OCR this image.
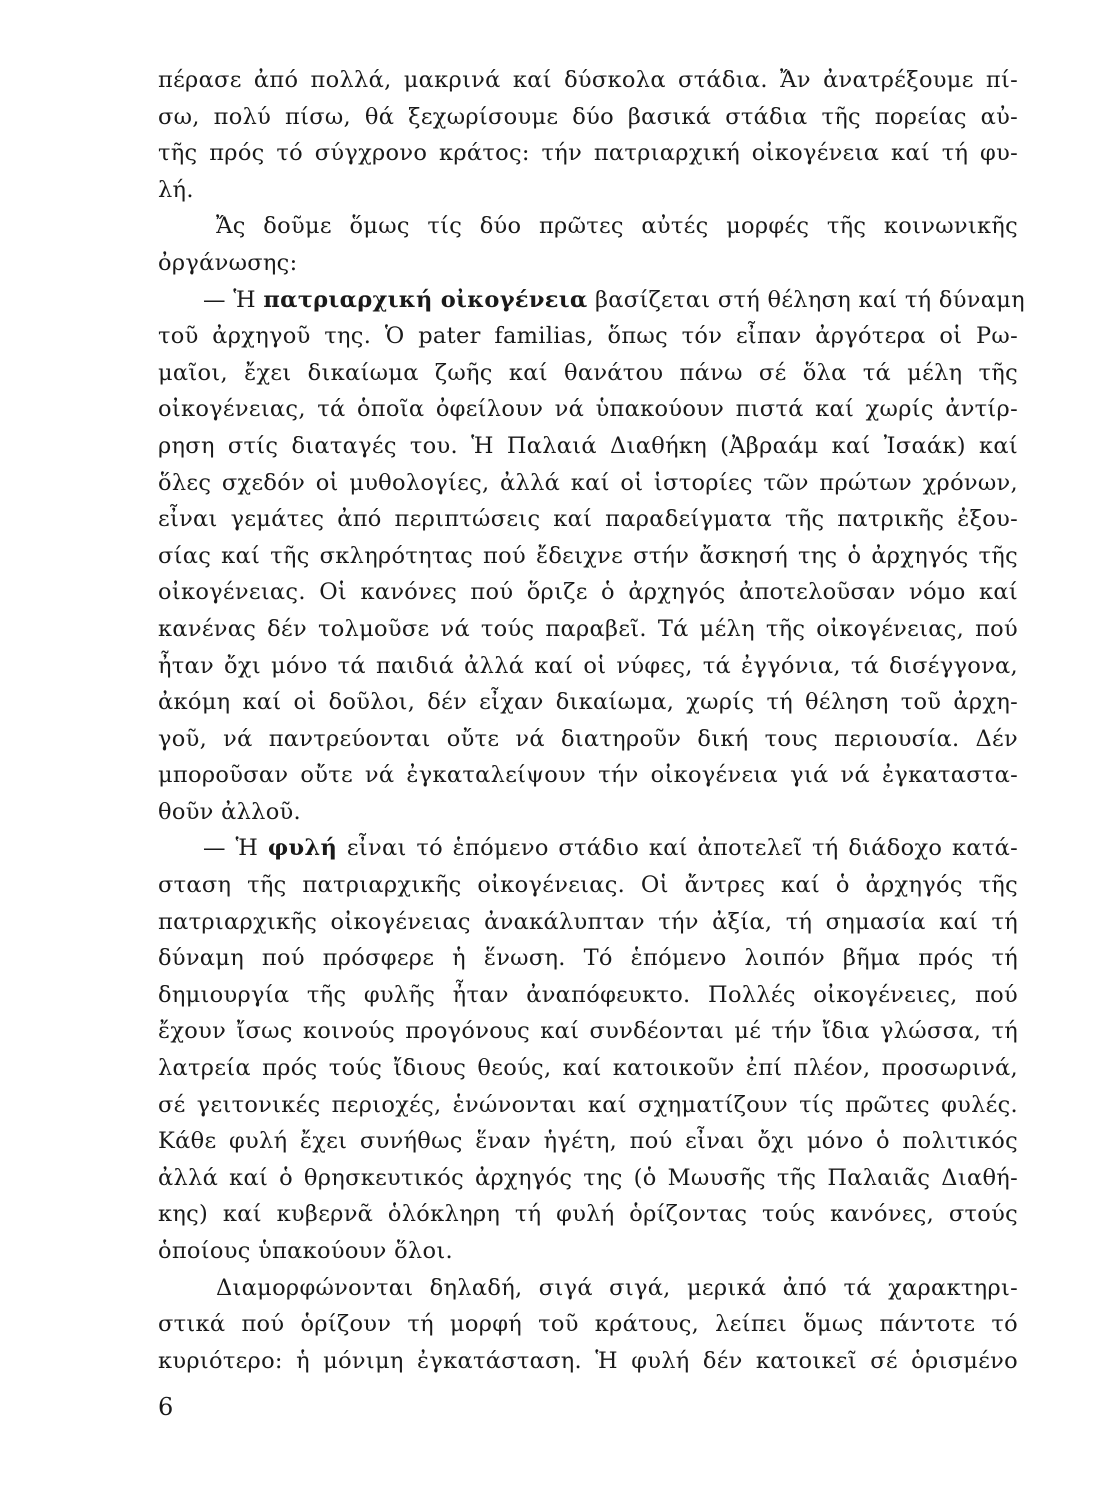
πέρασε ἀπό πολλά, μακρινά καί δύσκολα στάδια. Ἄν ἀνατρέξουμε πί-
σω, πολύ πίσω, θά ξεχωρίσουμε δύο βασικά στάδια τῆς πορείας αὐ-
τῆς πρός τό σύγχρονο κράτος: τήν πατριαρχική οἰκογένεια καί τή φυ-
λή.
Ἄς δοῦμε ὅμως τίς δύο πρῶτες αὐτές μορφές τῆς κοινωνικῆς
ὀργάνωσης:
— Ἡ πατριαρχική οἰκογένεια βασίζεται στή θέληση καί τή δύναμη
τοῦ ἀρχηγοῦ της. Ὁ pater familias, ὅπως τόν εἶπαν ἀργότερα οἱ Ρω-
μαῖοι, ἔχει δικαίωμα ζωῆς καί θανάτου πάνω σέ ὅλα τά μέλη τῆς
οἰκογένειας, τά ὁποῖα ὀφείλουν νά ὑπακούουν πιστά καί χωρίς ἀντίρ-
ρηση στίς διαταγές του. Ἡ Παλαιά Διαθήκη (Ἀβραάμ καί Ἰσαάκ) καί
ὅλες σχεδόν οἱ μυθολογίες, ἀλλά καί οἱ ἱστορίες τῶν πρώτων χρόνων,
εἶναι γεμάτες ἀπό περιπτώσεις καί παραδείγματα τῆς πατρικῆς ἐξου-
σίας καί τῆς σκληρότητας πού ἔδειχνε στήν ἄσκησή της ὁ ἀρχηγός τῆς
οἰκογένειας. Οἱ κανόνες πού ὅριζε ὁ ἀρχηγός ἀποτελοῦσαν νόμο καί
κανένας δέν τολμοῦσε νά τούς παραβεῖ. Τά μέλη τῆς οἰκογένειας, πού
ἦταν ὄχι μόνο τά παιδιά ἀλλά καί οἱ νύφες, τά ἐγγόνια, τά δισέγγονα,
ἀκόμη καί οἱ δοῦλοι, δέν εἶχαν δικαίωμα, χωρίς τή θέληση τοῦ ἀρχη-
γοῦ, νά παντρεύονται οὔτε νά διατηροῦν δική τους περιουσία. Δέν
μποροῦσαν οὔτε νά ἐγκαταλείψουν τήν οἰκογένεια γιά νά ἐγκαταστα-
θοῦν ἀλλοῦ.
— Ἡ φυλή εἶναι τό ἑπόμενο στάδιο καί ἀποτελεῖ τή διάδοχο κατά-
σταση τῆς πατριαρχικῆς οἰκογένειας. Οἱ ἄντρες καί ὁ ἀρχηγός τῆς
πατριαρχικῆς οἰκογένειας ἀνακάλυπταν τήν ἀξία, τή σημασία καί τή
δύναμη πού πρόσφερε ἡ ἕνωση. Τό ἑπόμενο λοιπόν βῆμα πρός τή
δημιουργία τῆς φυλῆς ἦταν ἀναπόφευκτο. Πολλές οἰκογένειες, πού
ἔχουν ἴσως κοινούς προγόνους καί συνδέονται μέ τήν ἴδια γλώσσα, τή
λατρεία πρός τούς ἴδιους θεούς, καί κατοικοῦν ἐπί πλέον, προσωρινά,
σέ γειτονικές περιοχές, ἑνώνονται καί σχηματίζουν τίς πρῶτες φυλές.
Κάθε φυλή ἔχει συνήθως ἕναν ἡγέτη, πού εἶναι ὄχι μόνο ὁ πολιτικός
ἀλλά καί ὁ θρησκευτικός ἀρχηγός της (ὁ Μωυσῆς τῆς Παλαιᾶς Διαθή-
κης) καί κυβερνᾶ ὁλόκληρη τή φυλή ὁρίζοντας τούς κανόνες, στούς
ὁποίους ὑπακούουν ὅλοι.
Διαμορφώνονται δηλαδή, σιγά σιγά, μερικά ἀπό τά χαρακτηρι-
στικά πού ὁρίζουν τή μορφή τοῦ κράτους, λείπει ὅμως πάντοτε τό
κυριότερο: ἡ μόνιμη ἐγκατάσταση. Ἡ φυλή δέν κατοικεῖ σέ ὁρισμένο
6
